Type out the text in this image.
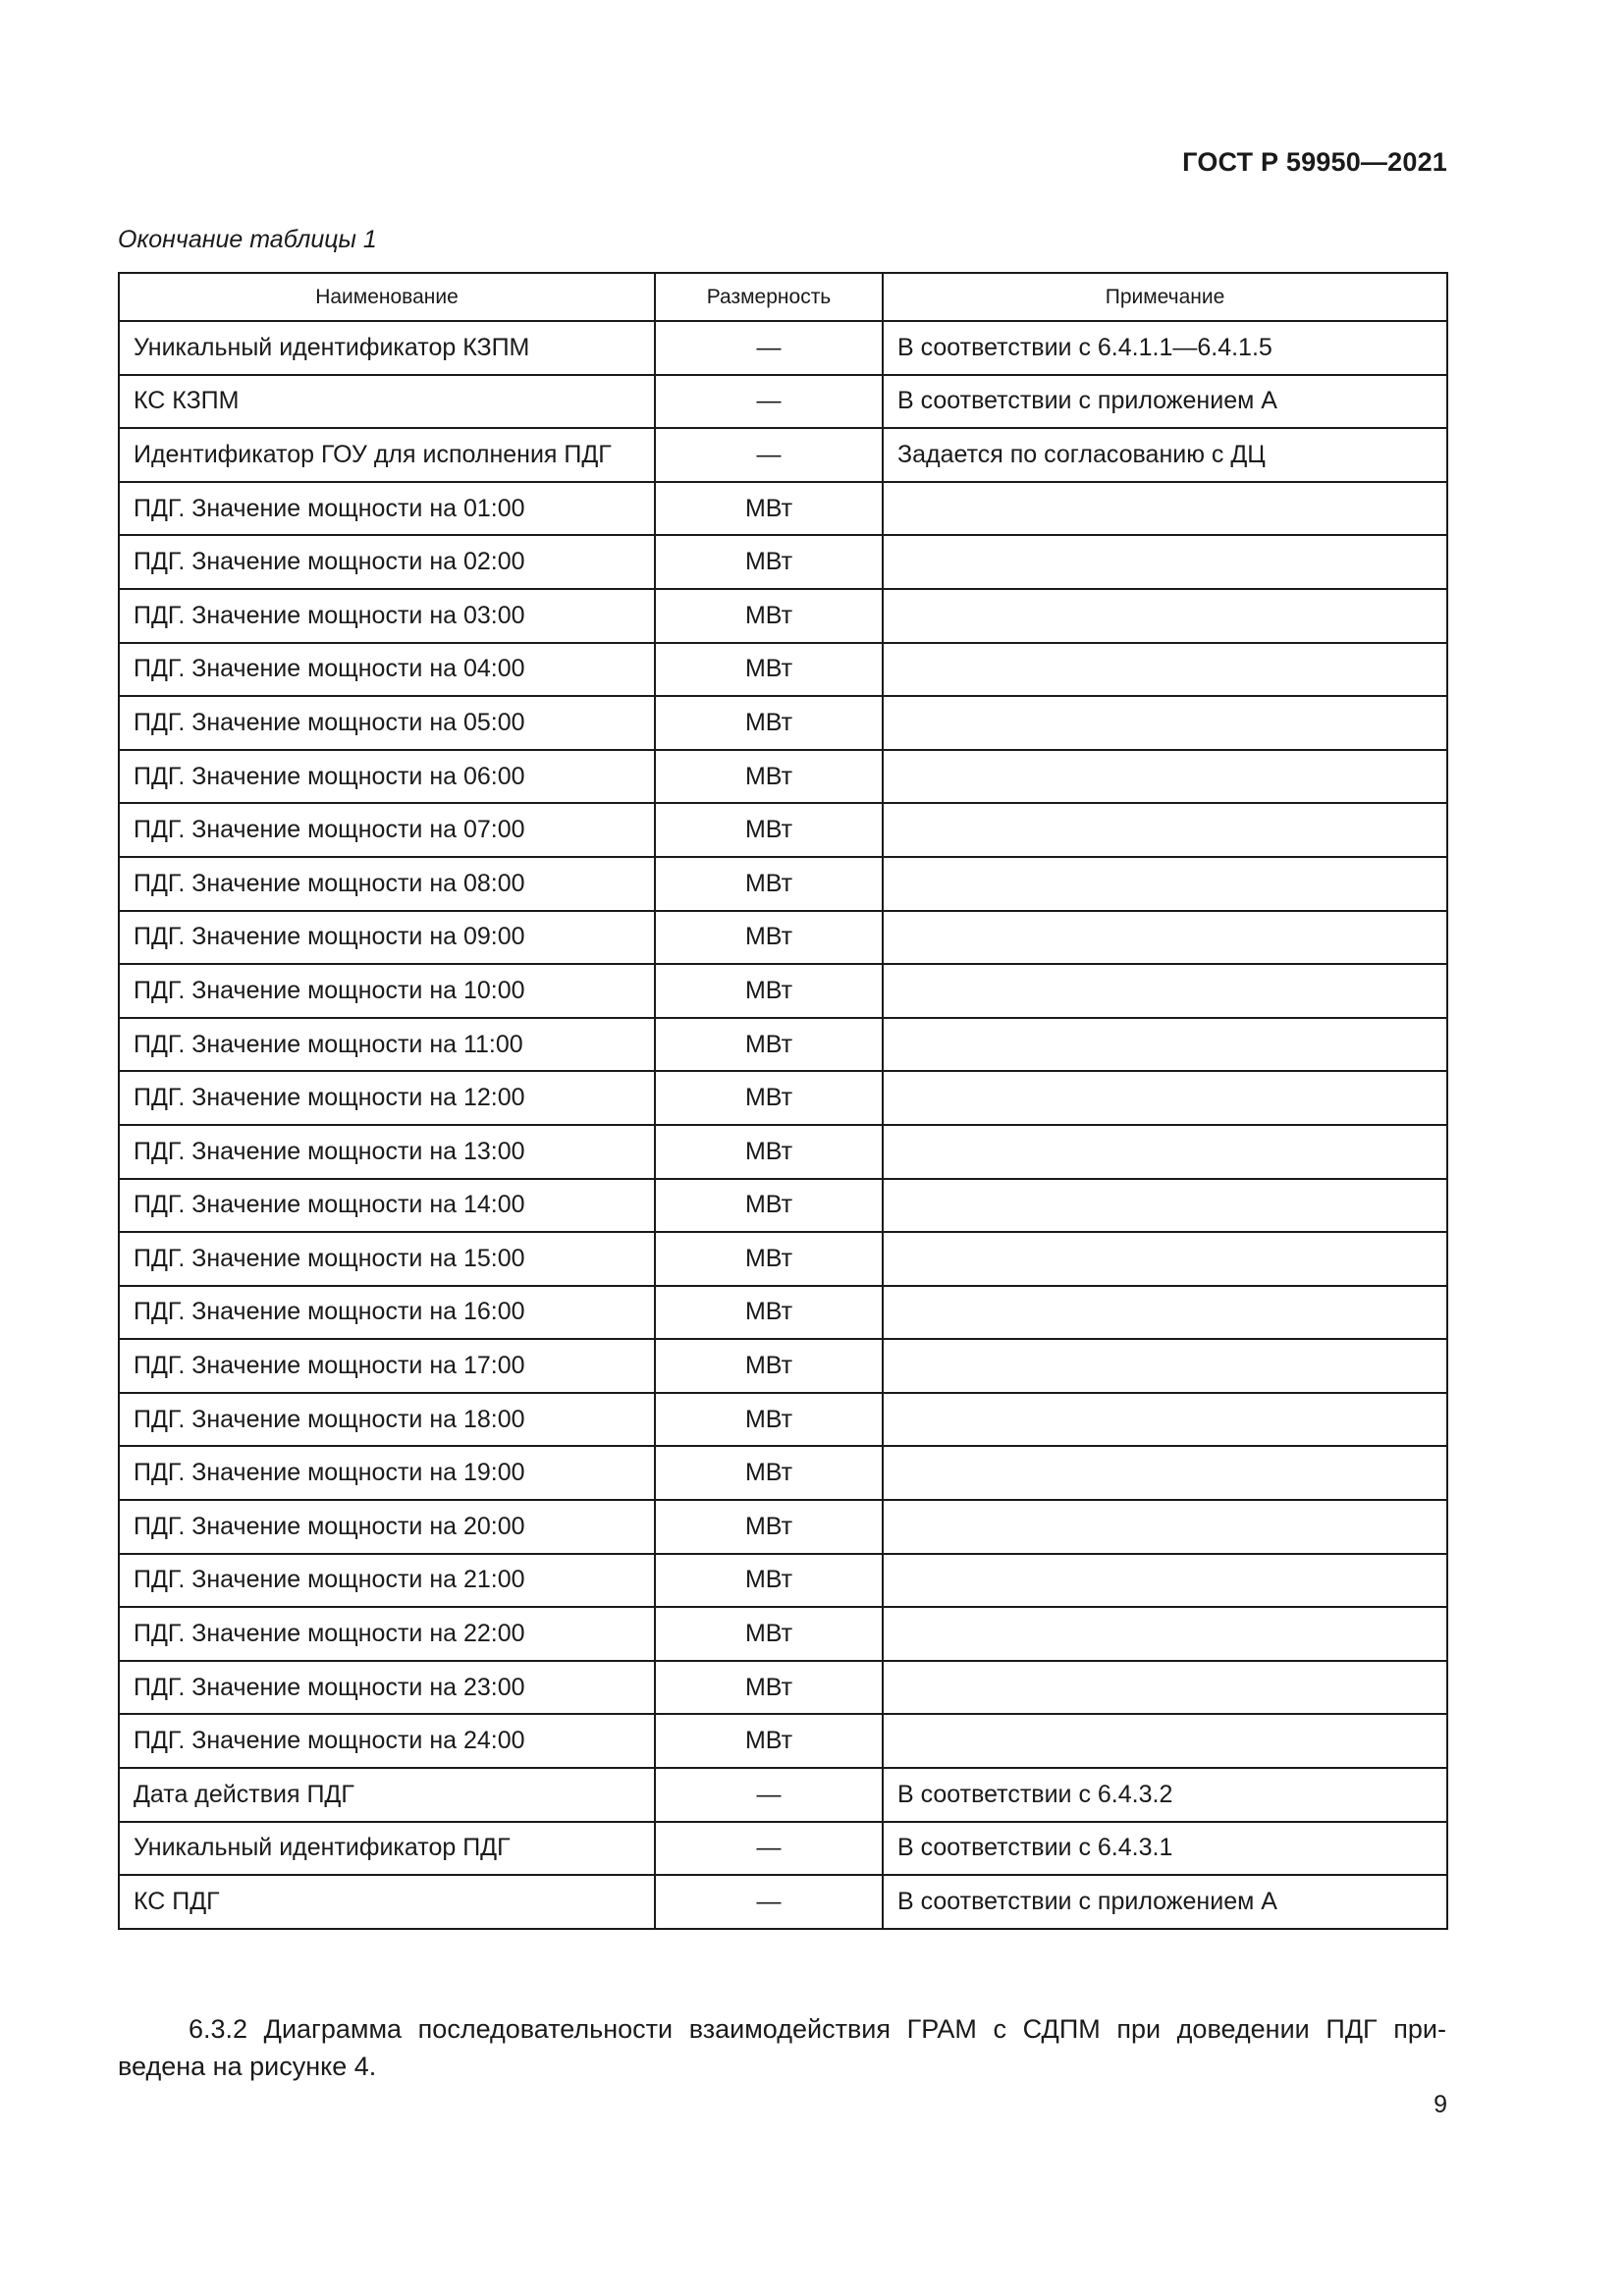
ГОСТ Р 59950—2021
Окончание таблицы 1
Наименование	Размерность	Примечание
Уникальный идентификатор КЗПМ	—	В соответствии с 6.4.1.1—6.4.1.5
КС КЗПМ	—	В соответствии с приложением А
Идентификатор ГОУ для исполнения ПДГ	—	Задается по согласованию с ДЦ
ПДГ. Значение мощности на 01:00	МВт	
ПДГ. Значение мощности на 02:00	МВт	
ПДГ. Значение мощности на 03:00	МВт	
ПДГ. Значение мощности на 04:00	МВт	
ПДГ. Значение мощности на 05:00	МВт	
ПДГ. Значение мощности на 06:00	МВт	
ПДГ. Значение мощности на 07:00	МВт	
ПДГ. Значение мощности на 08:00	МВт	
ПДГ. Значение мощности на 09:00	МВт	
ПДГ. Значение мощности на 10:00	МВт	
ПДГ. Значение мощности на 11:00	МВт	
ПДГ. Значение мощности на 12:00	МВт	
ПДГ. Значение мощности на 13:00	МВт	
ПДГ. Значение мощности на 14:00	МВт	
ПДГ. Значение мощности на 15:00	МВт	
ПДГ. Значение мощности на 16:00	МВт	
ПДГ. Значение мощности на 17:00	МВт	
ПДГ. Значение мощности на 18:00	МВт	
ПДГ. Значение мощности на 19:00	МВт	
ПДГ. Значение мощности на 20:00	МВт	
ПДГ. Значение мощности на 21:00	МВт	
ПДГ. Значение мощности на 22:00	МВт	
ПДГ. Значение мощности на 23:00	МВт	
ПДГ. Значение мощности на 24:00	МВт	
Дата действия ПДГ	—	В соответствии с 6.4.3.2
Уникальный идентификатор ПДГ	—	В соответствии с 6.4.3.1
КС ПДГ	—	В соответствии с приложением А
6.3.2 Диаграмма последовательности взаимодействия ГРАМ с СДПМ при доведении ПДГ при-
ведена на рисунке 4.
9
